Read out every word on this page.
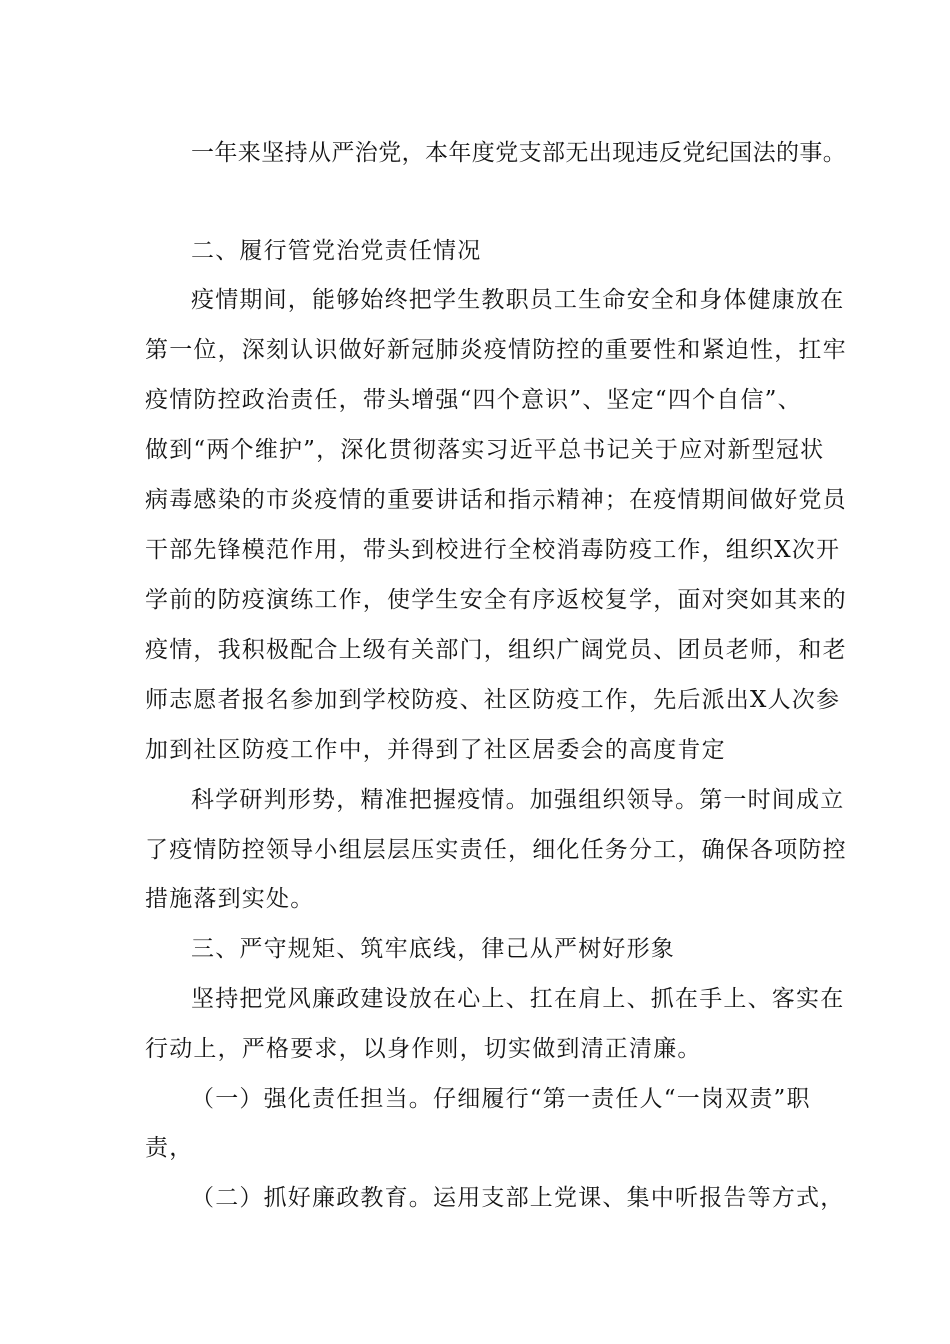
一年来坚持从严治党，本年度党支部无出现违反党纪国法的事。
二、履行管党治党责任情况
疫情期间，能够始终把学生教职员工生命安全和身体健康放在
第一位，深刻认识做好新冠肺炎疫情防控的重要性和紧迫性，扛牢
疫情防控政治责任，带头增强“四个意识”、坚定“四个自信”、
做到“两个维护”，深化贯彻落实习近平总书记关于应对新型冠状
病毒感染的市炎疫情的重要讲话和指示精神；在疫情期间做好党员
干部先锋模范作用，带头到校进行全校消毒防疫工作，组织X次开
学前的防疫演练工作，使学生安全有序返校复学，面对突如其来的
疫情，我积极配合上级有关部门，组织广阔党员、团员老师，和老
师志愿者报名参加到学校防疫、社区防疫工作，先后派出X人次参
加到社区防疫工作中，并得到了社区居委会的高度肯定
科学研判形势，精准把握疫情。加强组织领导。第一时间成立
了疫情防控领导小组层层压实责任，细化任务分工，确保各项防控
措施落到实处。
三、严守规矩、筑牢底线，律己从严树好形象
坚持把党风廉政建设放在心上、扛在肩上、抓在手上、客实在
行动上，严格要求，以身作则，切实做到清正清廉。
（一）强化责任担当。仔细履行“第一责任人“一岗双责”职
责，
（二）抓好廉政教育。运用支部上党课、集中听报告等方式，
